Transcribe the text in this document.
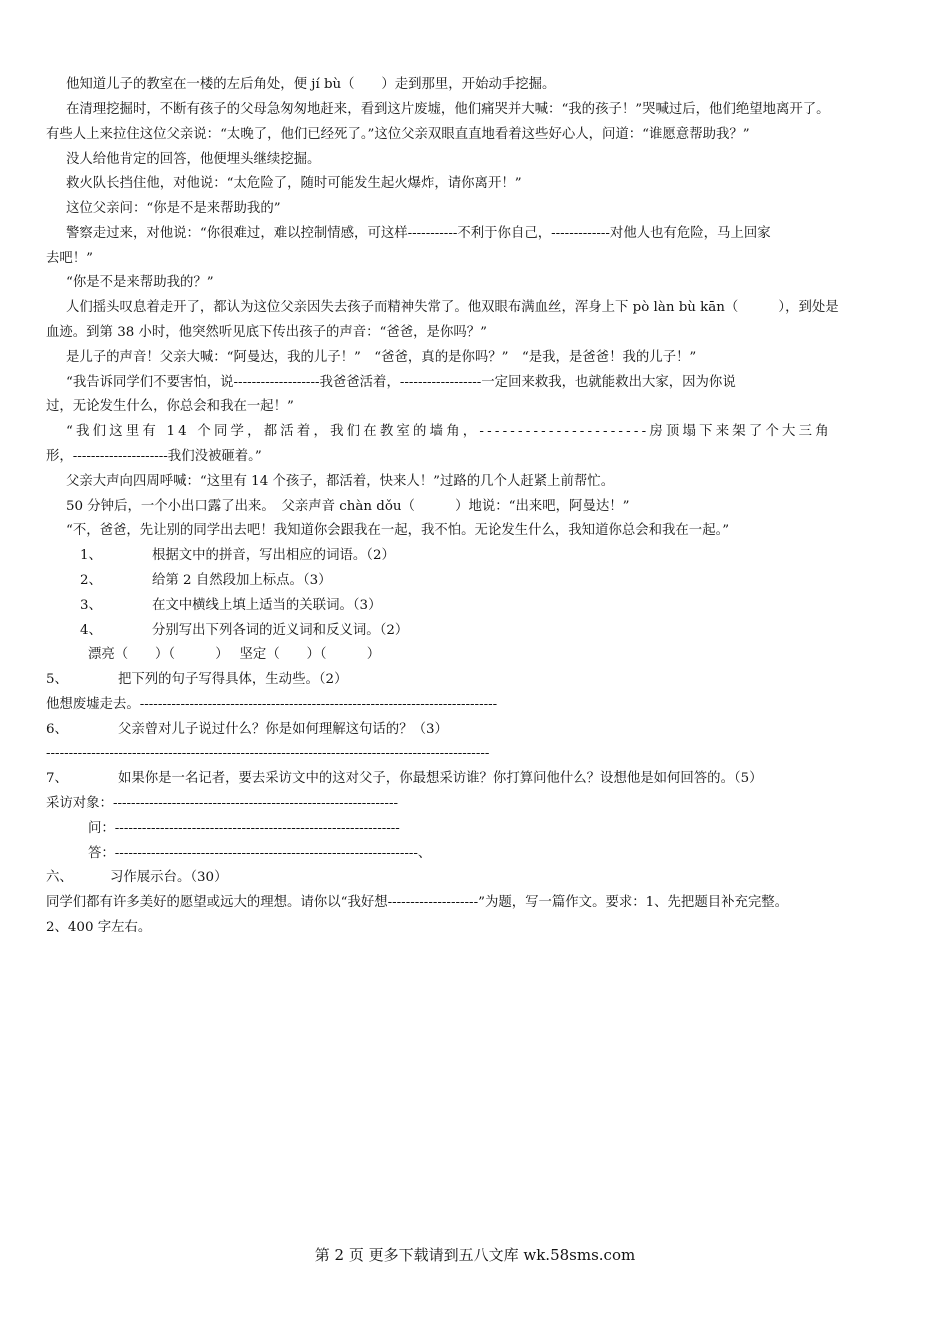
他知道儿子的教室在一楼的左后角处，便 jí bù（　　）走到那里，开始动手挖掘。
在清理挖掘时，不断有孩子的父母急匆匆地赶来，看到这片废墟，他们痛哭并大喊：“我的孩子！”哭喊过后，他们绝望地离开了。
有些人上来拉住这位父亲说：“太晚了，他们已经死了。”这位父亲双眼直直地看着这些好心人，问道：“谁愿意帮助我？”
没人给他肯定的回答，他便埋头继续挖掘。
救火队长挡住他，对他说：“太危险了，随时可能发生起火爆炸，请你离开！”
这位父亲问：“你是不是来帮助我的”
警察走过来，对他说：“你很难过，难以控制情感，可这样-----------不利于你自己，-------------对他人也有危险，马上回家
去吧！”
“你是不是来帮助我的？”
人们摇头叹息着走开了，都认为这位父亲因失去孩子而精神失常了。他双眼布满血丝，浑身上下 pò làn bù kān（　　　），到处是
血迹。到第 38 小时，他突然听见底下传出孩子的声音：“爸爸，是你吗？”
是儿子的声音！父亲大喊：“阿曼达，我的儿子！”　“爸爸，真的是你吗？”　“是我，是爸爸！我的儿子！”
“我告诉同学们不要害怕，说-------------------我爸爸活着，------------------一定回来救我，也就能救出大家，因为你说
过，无论发生什么，你总会和我在一起！”
“我们这里有 14 个同学，都活着，我们在教室的墙角，----------------------房顶塌下来架了个大三角
形，---------------------我们没被砸着。”
父亲大声向四周呼喊：“这里有 14 个孩子，都活着，快来人！”过路的几个人赶紧上前帮忙。
50 分钟后，一个小出口露了出来。　父亲声音 chàn dǒu（　　　）地说：“出来吧，阿曼达！”
“不，爸爸，先让别的同学出去吧！我知道你会跟我在一起，我不怕。无论发生什么，我知道你总会和我在一起。”
1、	根据文中的拼音，写出相应的词语。（2）
2、	给第 2 自然段加上标点。（3）
3、	在文中横线上填上适当的关联词。（3）
4、	分别写出下列各词的近义词和反义词。（2）
漂亮（　　）（　　　）　 坚定（　　）（　　　）
5、	把下列的句子写得具体，生动些。（2）
他想废墟走去。-------------------------------------------------------------------------------
6、	父亲曾对儿子说过什么？你是如何理解这句话的？（3）
--------------------------------------------------------------------------------------------------
7、	如果你是一名记者，要去采访文中的这对父子，你最想采访谁？你打算问他什么？设想他是如何回答的。（5）
采访对象：---------------------------------------------------------------
问：---------------------------------------------------------------
答：-------------------------------------------------------------------、
六、	习作展示台。（30）
同学们都有许多美好的愿望或远大的理想。请你以“我好想--------------------”为题，写一篇作文。要求：1、先把题目补充完整。
2、400 字左右。
第 2 页 更多下载请到五八文库 wk.58sms.com
